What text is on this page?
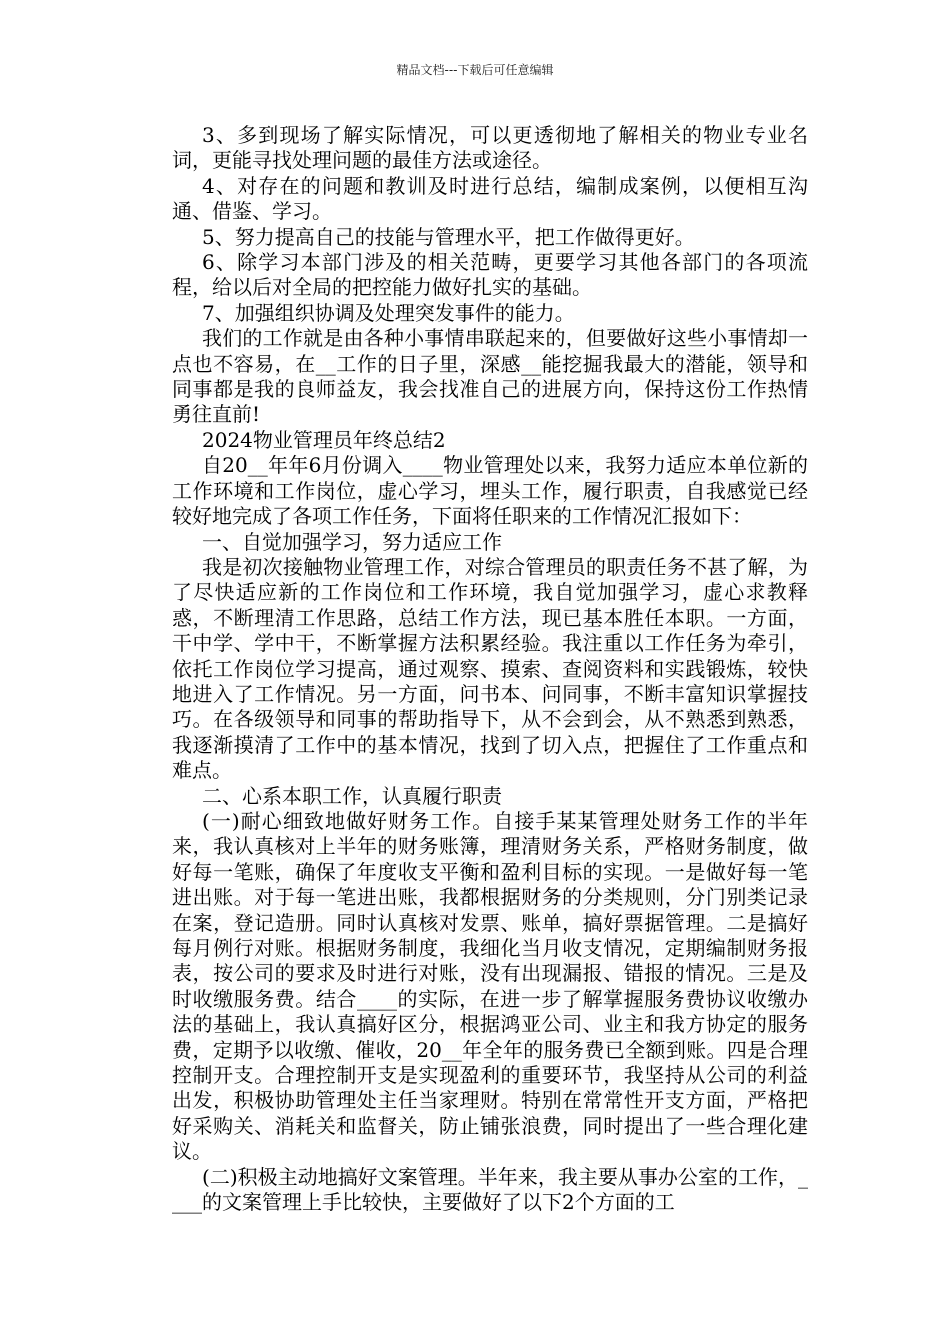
精品文档---下载后可任意编辑

3、多到现场了解实际情况，可以更透彻地了解相关的物业专业名词，更能寻找处理问题的最佳方法或途径。

4、对存在的问题和教训及时进行总结，编制成案例，以便相互沟通、借鉴、学习。

5、努力提高自己的技能与管理水平，把工作做得更好。

6、除学习本部门涉及的相关范畴，更要学习其他各部门的各项流程，给以后对全局的把控能力做好扎实的基础。

7、加强组织协调及处理突发事件的能力。

我们的工作就是由各种小事情串联起来的，但要做好这些小事情却一点也不容易，在__工作的日子里，深感__能挖掘我最大的潜能，领导和同事都是我的良师益友，我会找准自己的进展方向，保持这份工作热情勇往直前!

2024物业管理员年终总结2

自20__年年6月份调入____物业管理处以来，我努力适应本单位新的工作环境和工作岗位，虚心学习，埋头工作，履行职责，自我感觉已经较好地完成了各项工作任务，下面将任职来的工作情况汇报如下：

一、自觉加强学习，努力适应工作

我是初次接触物业管理工作，对综合管理员的职责任务不甚了解，为了尽快适应新的工作岗位和工作环境，我自觉加强学习，虚心求教释惑，不断理清工作思路，总结工作方法，现已基本胜任本职。一方面，干中学、学中干，不断掌握方法积累经验。我注重以工作任务为牵引，依托工作岗位学习提高，通过观察、摸索、查阅资料和实践锻炼，较快地进入了工作情况。另一方面，问书本、问同事，不断丰富知识掌握技巧。在各级领导和同事的帮助指导下，从不会到会，从不熟悉到熟悉，我逐渐摸清了工作中的基本情况，找到了切入点，把握住了工作重点和难点。

二、心系本职工作，认真履行职责

(一)耐心细致地做好财务工作。自接手某某管理处财务工作的半年来，我认真核对上半年的财务账簿，理清财务关系，严格财务制度，做好每一笔账，确保了年度收支平衡和盈利目标的实现。一是做好每一笔进出账。对于每一笔进出账，我都根据财务的分类规则，分门别类记录在案，登记造册。同时认真核对发票、账单，搞好票据管理。二是搞好每月例行对账。根据财务制度，我细化当月收支情况，定期编制财务报表，按公司的要求及时进行对账，没有出现漏报、错报的情况。三是及时收缴服务费。结合____的实际，在进一步了解掌握服务费协议收缴办法的基础上，我认真搞好区分，根据鸿亚公司、业主和我方协定的服务费，定期予以收缴、催收，20__年全年的服务费已全额到账。四是合理控制开支。合理控制开支是实现盈利的重要环节，我坚持从公司的利益出发，积极协助管理处主任当家理财。特别在常常性开支方面，严格把好采购关、消耗关和监督关，防止铺张浪费，同时提出了一些合理化建议。

(二)积极主动地搞好文案管理。半年来，我主要从事办公室的工作，____的文案管理上手比较快，主要做好了以下2个方面的工
